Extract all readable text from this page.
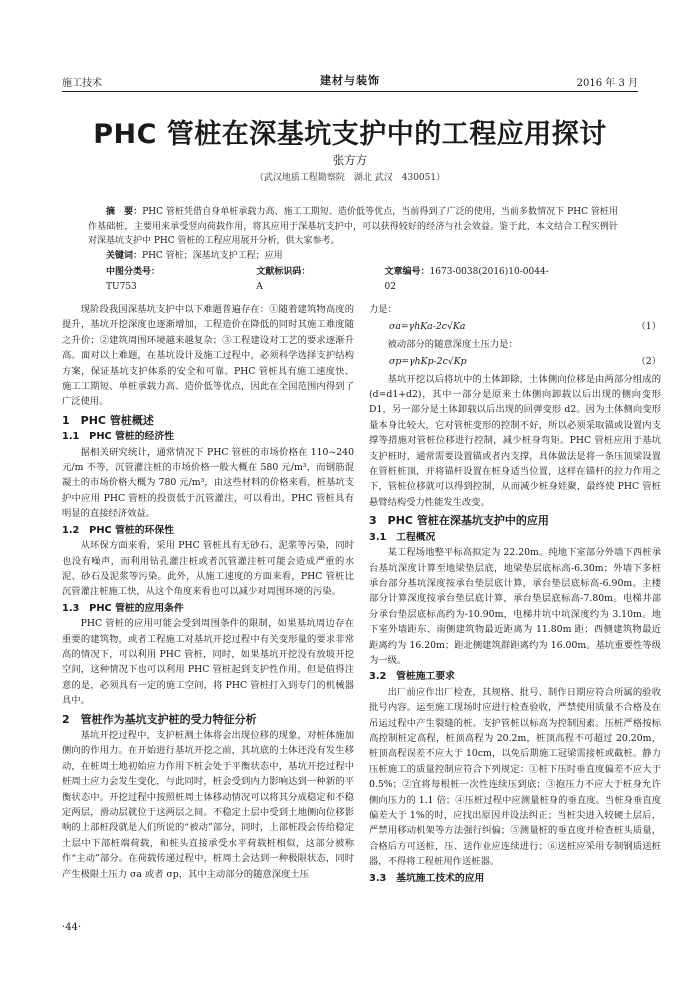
施工技术	建材与装饰	2016 年 3 月
PHC 管桩在深基坑支护中的工程应用探讨
张方方
（武汉地质工程勘察院　湖北 武汉　430051）

摘　要：PHC 管桩凭借自身单桩承载力高、施工工期短、造价低等优点，当前得到了广泛的使用，当前多数情况下 PHC 管桩用作基础桩，主要用来承受竖向荷载作用，将其应用于深基坑支护中，可以获得较好的经济与社会效益。鉴于此，本文结合工程实例针对深基坑支护中 PHC 管桩的工程应用展开分析，供大家参考。

关键词：PHC 管桩；深基坑支护工程；应用

中图分类号：TU753
文献标识码：A
文章编号：1673-0038(2016)10-0044-02

现阶段我国深基坑支护中以下难题普遍存在：①随着建筑物高度的提升，基坑开挖深度也逐渐增加，工程造价在降低的同时其施工难度随之升价；②建筑周围环境越来越复杂；③工程建设对工艺的要求逐渐升高。面对以上难题，在基坑设计及施工过程中，必须科学选择支护结构方案，保证基坑支护体系的安全和可靠。PHC 管桩具有施工速度快、施工工期短、单桩承载力高、造价低等优点，因此在全国范围内得到了广泛使用。

1　PHC 管桩概述
1.1　PHC 管桩的经济性

据相关研究统计，通常情况下 PHC 管桩的市场价格在 110~240 元/m 不等，沉管灌注桩的市场价格一般大概在 580 元/m³，而钢筋混凝土的市场价格大概为 780 元/m³，由这些材料的价格来看，桩基坑支护中应用 PHC 管桩的投资低于沉管灌注，可以看出，PHC 管桩具有明显的直接经济效益。

1.2　PHC 管桩的环保性

从环保方面来看，采用 PHC 管桩具有无砂石、泥浆等污染，同时也没有噪声，而利用钻孔灌注桩或者沉管灌注桩可能会造成严重的水泥、砂石及泥浆等污染。此外，从施工速度的方面来看，PHC 管桩比沉管灌注桩施工快，从这个角度来看也可以减少对周围环境的污染。

1.3　PHC 管桩的应用条件

PHC 管桩的应用可能会受到周围条件的限制，如果基坑周边存在重要的建筑物，或者工程施工对基坑开挖过程中有关变形量的要求非常高的情况下，可以利用 PHC 管桩，同时，如果基坑开挖没有放坡开挖空间，这种情况下也可以利用 PHC 管桩起到支护性作用，但是值得注意的是，必须具有一定的施工空间，将 PHC 管桩打入到专门的机械器具中。

2　管桩作为基坑支护桩的受力特征分析

基坑开挖过程中，支护桩测土体将会出现位移的现象，对桩体施加侧向的作用力。在开始进行基坑开挖之前，其坑底的土体还没有发生移动，在桩周土地初始应力作用下桩会处于平衡状态中，基坑开挖过程中桩周土应力会发生变化，与此同时，桩会受到内力影响达到一种新的平衡状态中。开挖过程中按照桩周土体移动情况可以将其分成稳定和不稳定两层，滑动层就位于这两层之间。不稳定土层中受到土地侧向位移影响的上部桩段就是人们所说的“被动”部分，同时，上部桩段会传给稳定土层中下部桩端荷载，和桩头直接承受水平荷载桩相似，这部分被称作“主动”部分。在荷载传递过程中，桩周土会达到一种极限状态，同时产生极限土压力 σa 或者 σp，其中主动部分的随意深度土压

力是：

σa=γhKa-2c√Ka	（1）

被动部分的随意深度土压力是：

σp=γhKp-2c√Kp	（2）

基坑开挖以后将坑中的土体卸除，土体侧向位移是由两部分组成的(d=d1+d2)，其中一部分是原来土体侧向卸载以后出现的侧向变形 D1，另一部分是土体卸载以后出现的回弹变形 d2。因为土体侧向变形量本身比较大，它对管桩变形的控制不好，所以必须采取锚或设置内支撑等措施对管桩位移进行控制，减少桩身弯矩。PHC 管桩应用于基坑支护桩时，通常需要设置锚或者内支撑，具体做法是将一条压顶梁设置在管桩桩顶，并将锚杆设置在桩身适当位置，这样在锚杆的拉力作用之下，管桩位移就可以得到控制，从而减少桩身娃聚，最终使 PHC 管桩悬臂结构受力性能发生改变。

3　PHC 管桩在深基坑支护中的应用
3.1　工程概况

某工程场地整平标高拟定为 22.20m。纯地下室部分外墙下西桩承台基坑深度计算至地梁垫层底，地梁垫层底标高-6.30m；外墙下多桩承台部分基坑深度按承台垫层底计算，承台垫层底标高-6.90m。主楼部分计算深度按承台垫层底计算，承台垫层底标高-7.80m。电梯井部分承台垫层底标高约为-10.90m，电梯井坑中坑深度约为 3.10m。地下室外墙距东、南侧建筑物最近距离为 11.80m 距；西侧建筑物最近距离约为 16.20m；距北侧建筑群距离约为 16.00m。基坑重要性等级为一级。

3.2　管桩施工要求

出厂前应作出厂检查，其规格、批号、制作日期应符合所属的验收批号内容。运至施工现场时应进行检查验收，严禁使用质量不合格及在吊运过程中产生裂缝的桩。支护管桩以标高为控制因素。压桩严格按标高控制桩定高程，桩顶高程为 20.2m，桩顶高程不可超过 20.20m，桩顶高程误差不应大于 10cm，以免后期施工冠梁需接桩或截桩。静力压桩施工的质量控制应符合下列规定：①桩下压时垂直度偏差不应大于 0.5%；②宜将每根桩一次性连续压到底；③抱压力不应大于桩身允许侧向压力的 1.1 倍；④压桩过程中应测量桩身的垂直度。当桩身垂直度偏差大于 1%的时，应找出原因并设法纠正；当桩尖进入较硬土层后，严禁用移动机架等方法强行纠偏；⑤测量桩的垂直度并检查桩头质量，合格后方可送桩，压、送作业应连续进行；⑥送桩应采用专制钢质送桩器，不得将工程桩用作送桩器。

3.3　基坑施工技术的应用
·44·
